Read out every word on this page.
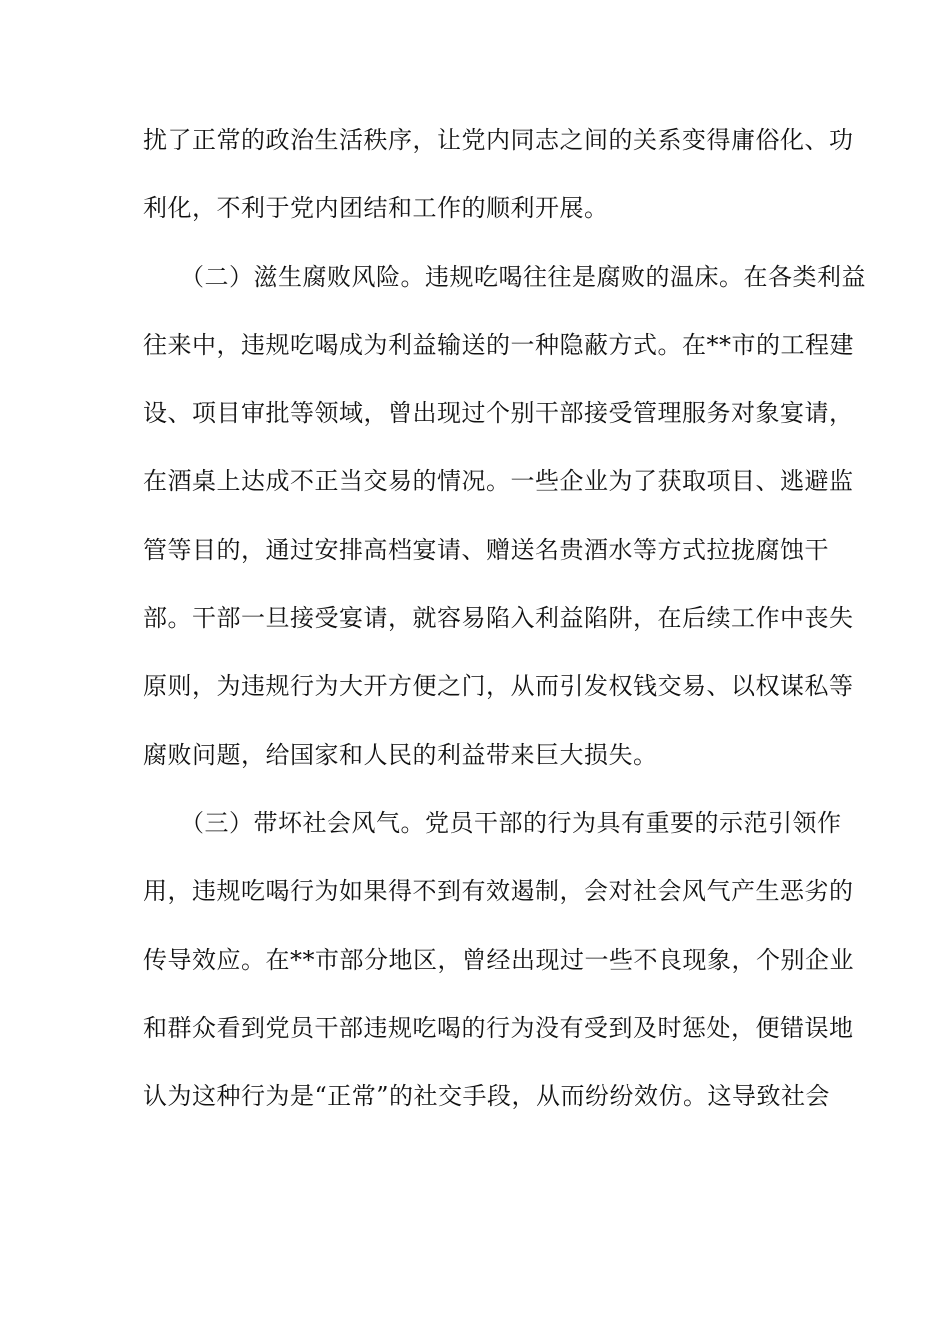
扰了正常的政治生活秩序，让党内同志之间的关系变得庸俗化、功
利化，不利于党内团结和工作的顺利开展。
　　（二）滋生腐败风险。违规吃喝往往是腐败的温床。在各类利益
往来中，违规吃喝成为利益输送的一种隐蔽方式。在**市的工程建
设、项目审批等领域，曾出现过个别干部接受管理服务对象宴请，
在酒桌上达成不正当交易的情况。一些企业为了获取项目、逃避监
管等目的，通过安排高档宴请、赠送名贵酒水等方式拉拢腐蚀干
部。干部一旦接受宴请，就容易陷入利益陷阱，在后续工作中丧失
原则，为违规行为大开方便之门，从而引发权钱交易、以权谋私等
腐败问题，给国家和人民的利益带来巨大损失。
　　（三）带坏社会风气。党员干部的行为具有重要的示范引领作
用，违规吃喝行为如果得不到有效遏制，会对社会风气产生恶劣的
传导效应。在**市部分地区，曾经出现过一些不良现象，个别企业
和群众看到党员干部违规吃喝的行为没有受到及时惩处，便错误地
认为这种行为是“正常”的社交手段，从而纷纷效仿。这导致社会
